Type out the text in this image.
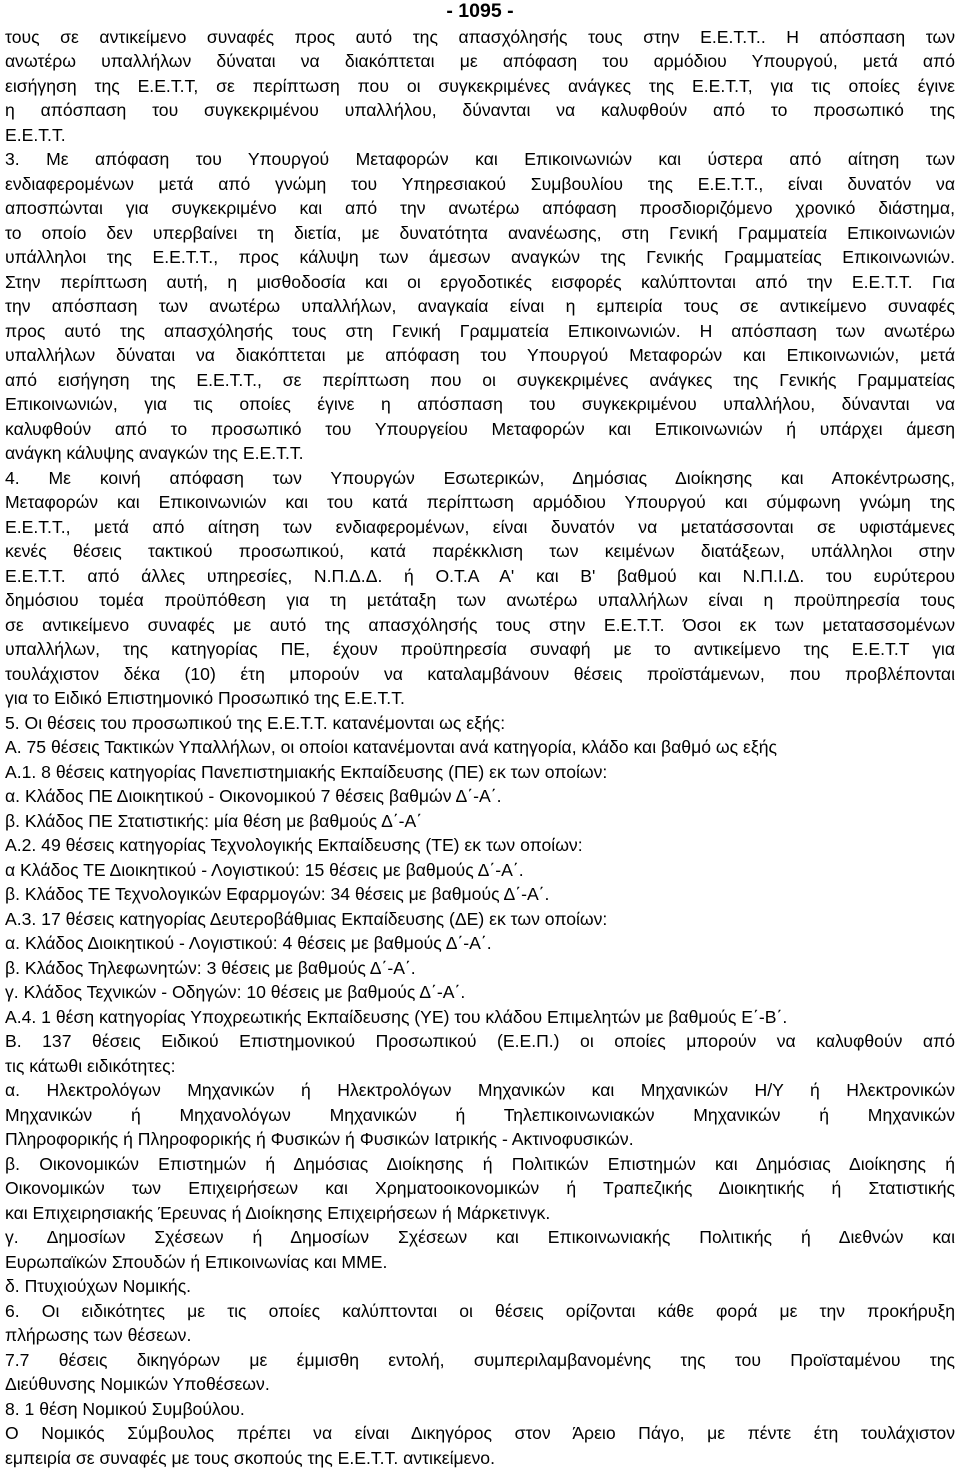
- 1095 -
τους σε αντικείμενο συναφές προς αυτό της απασχόλησής τους στην Ε.Ε.Τ.Τ.. Η απόσπαση των
ανωτέρω υπαλλήλων δύναται να διακόπτεται με απόφαση του αρμόδιου Υπουργού, μετά από
εισήγηση της Ε.Ε.Τ.Τ, σε περίπτωση που οι συγκεκριμένες ανάγκες της Ε.Ε.Τ.Τ, για τις οποίες έγινε
η απόσπαση του συγκεκριμένου υπαλλήλου, δύνανται να καλυφθούν από το προσωπικό της
Ε.Ε.Τ.Τ.
3. Με απόφαση του Υπουργού Μεταφορών και Επικοινωνιών και ύστερα από αίτηση των
ενδιαφερομένων μετά από γνώμη του Υπηρεσιακού Συμβουλίου της Ε.Ε.Τ.Τ., είναι δυνατόν να
αποσπώνται για συγκεκριμένο και από την ανωτέρω απόφαση προσδιοριζόμενο χρονικό διάστημα,
το οποίο δεν υπερβαίνει τη διετία, με δυνατότητα ανανέωσης, στη Γενική Γραμματεία Επικοινωνιών
υπάλληλοι της Ε.Ε.Τ.Τ., προς κάλυψη των άμεσων αναγκών της Γενικής Γραμματείας Επικοινωνιών.
Στην περίπτωση αυτή, η μισθοδοσία και οι εργοδοτικές εισφορές καλύπτονται από την Ε.Ε.Τ.Τ. Για
την απόσπαση των ανωτέρω υπαλλήλων, αναγκαία είναι η εμπειρία τους σε αντικείμενο συναφές
προς αυτό της απασχόλησής τους στη Γενική Γραμματεία Επικοινωνιών. Η απόσπαση των ανωτέρω
υπαλλήλων δύναται να διακόπτεται με απόφαση του Υπουργού Μεταφορών και Επικοινωνιών, μετά
από εισήγηση της Ε.Ε.Τ.Τ., σε περίπτωση που οι συγκεκριμένες ανάγκες της Γενικής Γραμματείας
Επικοινωνιών, για τις οποίες έγινε η απόσπαση του συγκεκριμένου υπαλλήλου, δύνανται να
καλυφθούν από το προσωπικό του Υπουργείου Μεταφορών και Επικοινωνιών ή υπάρχει άμεση
ανάγκη κάλυψης αναγκών της Ε.Ε.Τ.Τ.
4. Με κοινή απόφαση των Υπουργών Εσωτερικών, Δημόσιας Διοίκησης και Αποκέντρωσης,
Μεταφορών και Επικοινωνιών και του κατά περίπτωση αρμόδιου Υπουργού και σύμφωνη γνώμη της
Ε.Ε.Τ.Τ., μετά από αίτηση των ενδιαφερομένων, είναι δυνατόν να μετατάσσονται σε υφιστάμενες
κενές θέσεις τακτικού προσωπικού, κατά παρέκκλιση των κειμένων διατάξεων, υπάλληλοι στην
Ε.Ε.Τ.Τ. από άλλες υπηρεσίες, Ν.Π.Δ.Δ. ή Ο.Τ.Α Α' και Β' βαθμού και Ν.Π.Ι.Δ. του ευρύτερου
δημόσιου τομέα προϋπόθεση για τη μετάταξη των ανωτέρω υπαλλήλων είναι η προϋπηρεσία τους
σε αντικείμενο συναφές με αυτό της απασχόλησής τους στην Ε.Ε.Τ.Τ. Όσοι εκ των μετατασσομένων
υπαλλήλων, της κατηγορίας ΠΕ, έχουν προϋπηρεσία συναφή με το αντικείμενο της Ε.Ε.Τ.Τ για
τουλάχιστον δέκα (10) έτη μπορούν να καταλαμβάνουν θέσεις προϊστάμενων, που προβλέπονται
για το Ειδικό Επιστημονικό Προσωπικό της Ε.Ε.Τ.Τ.
5. Οι θέσεις του προσωπικού της Ε.Ε.Τ.Τ. κατανέμονται ως εξής:
Α. 75 θέσεις Τακτικών Υπαλλήλων, οι οποίοι κατανέμονται ανά κατηγορία, κλάδο και βαθμό ως εξής
Α.1. 8 θέσεις κατηγορίας Πανεπιστημιακής Εκπαίδευσης (ΠΕ) εκ των οποίων:
α. Κλάδος ΠΕ Διοικητικού - Οικονομικού 7 θέσεις βαθμών Δ΄-Α΄.
β. Κλάδος ΠΕ Στατιστικής: μία θέση με βαθμούς Δ΄-Α΄
Α.2. 49 θέσεις κατηγορίας Τεχνολογικής Εκπαίδευσης (ΤΕ) εκ των οποίων:
α Κλάδος ΤΕ Διοικητικού - Λογιστικού: 15 θέσεις με βαθμούς Δ΄-Α΄.
β. Κλάδος ΤΕ Τεχνολογικών Εφαρμογών: 34 θέσεις με βαθμούς Δ΄-Α΄.
Α.3. 17 θέσεις κατηγορίας Δευτεροβάθμιας Εκπαίδευσης (ΔΕ) εκ των οποίων:
α. Κλάδος Διοικητικού - Λογιστικού: 4 θέσεις με βαθμούς Δ΄-Α΄.
β. Κλάδος Τηλεφωνητών: 3 θέσεις με βαθμούς Δ΄-Α΄.
γ. Κλάδος Τεχνικών - Οδηγών: 10 θέσεις με βαθμούς Δ΄-Α΄.
Α.4. 1 θέση κατηγορίας Υποχρεωτικής Εκπαίδευσης (ΥΕ) του κλάδου Επιμελητών με βαθμούς Ε΄-Β΄.
Β. 137 θέσεις Ειδικού Επιστημονικού Προσωπικού (Ε.Ε.Π.) οι οποίες μπορούν να καλυφθούν από
τις κάτωθι ειδικότητες:
α. Ηλεκτρολόγων Μηχανικών ή Ηλεκτρολόγων Μηχανικών και Μηχανικών Η/Υ ή Ηλεκτρονικών
Μηχανικών ή Μηχανολόγων Μηχανικών ή Τηλεπικοινωνιακών Μηχανικών ή Μηχανικών
Πληροφορικής ή Πληροφορικής ή Φυσικών ή Φυσικών Ιατρικής - Ακτινοφυσικών.
β. Οικονομικών Επιστημών ή Δημόσιας Διοίκησης ή Πολιτικών Επιστημών και Δημόσιας Διοίκησης ή
Οικονομικών των Επιχειρήσεων και Χρηματοοικονομικών ή Τραπεζικής Διοικητικής ή Στατιστικής
και Επιχειρησιακής Έρευνας ή Διοίκησης Επιχειρήσεων ή Μάρκετινγκ.
γ. Δημοσίων Σχέσεων ή Δημοσίων Σχέσεων και Επικοινωνιακής Πολιτικής ή Διεθνών και
Ευρωπαϊκών Σπουδών ή Επικοινωνίας και ΜΜΕ.
δ. Πτυχιούχων Νομικής.
6. Οι ειδικότητες με τις οποίες καλύπτονται οι θέσεις ορίζονται κάθε φορά με την προκήρυξη
πλήρωσης των θέσεων.
7.7 θέσεις δικηγόρων με έμμισθη εντολή, συμπεριλαμβανομένης της του Προϊσταμένου της
Διεύθυνσης Νομικών Υποθέσεων.
8. 1 θέση Νομικού Συμβούλου.
Ο Νομικός Σύμβουλος πρέπει να είναι Δικηγόρος στον Άρειο Πάγο, με πέντε έτη τουλάχιστον
εμπειρία σε συναφές με τους σκοπούς της Ε.Ε.Τ.Τ. αντικείμενο.
